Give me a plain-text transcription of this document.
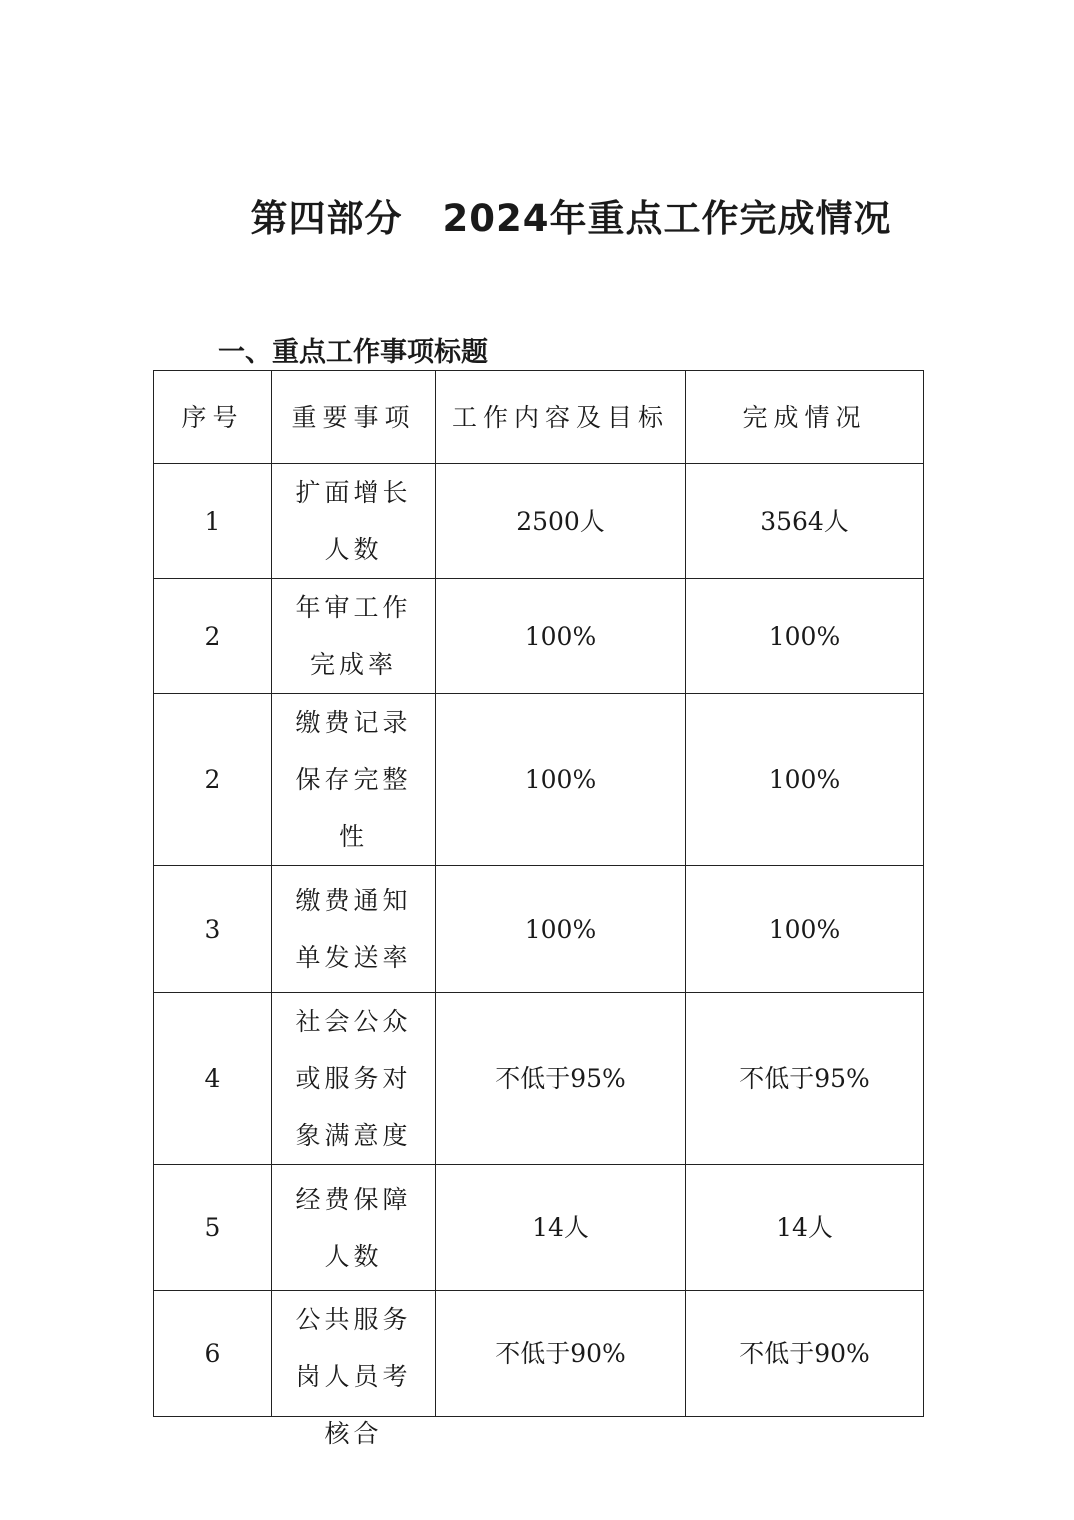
第四部分 2024年重点工作完成情况
一、重点工作事项标题
序号	重要事项	工作内容及目标	完成情况
1	扩面增长人数	2500人	3564人
2	年审工作完成率	100%	100%
2	缴费记录保存完整性	100%	100%
3	缴费通知单发送率	100%	100%
4	社会公众或服务对象满意度	不低于95%	不低于95%
5	经费保障人数	14人	14人
6	公共服务岗人员考核合	不低于90%	不低于90%
